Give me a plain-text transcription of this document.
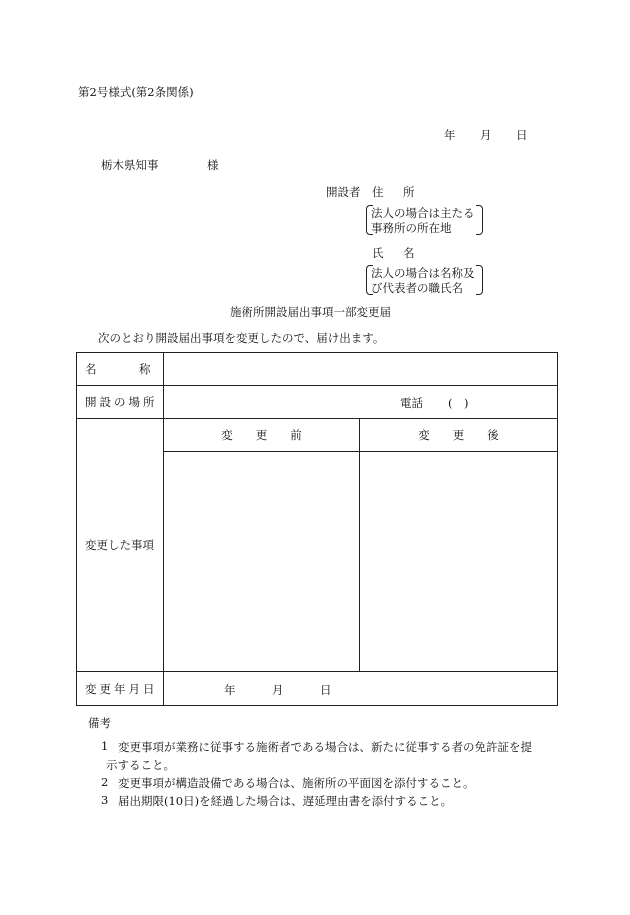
第2号様式(第2条関係)
年 月 日
栃木県知事	様
開設者 住　所
法人の場合は主たる
事務所の所在地
氏　名
法人の場合は名称及
び代表者の職氏名
施術所開設届出事項一部変更届
次のとおり開設届出事項を変更したので、届け出ます。
名　　　称		
開設の場所	電話 (　)	

変更した事項	変　　更　　前	変　　更　　後

変更年月日	年 月 日	
備考
1 変更事項が業務に従事する施術者である場合は、新たに従事する者の免許証を提
示すること。
2 変更事項が構造設備である場合は、施術所の平面図を添付すること。
3 届出期限(10日)を経過した場合は、遅延理由書を添付すること。
